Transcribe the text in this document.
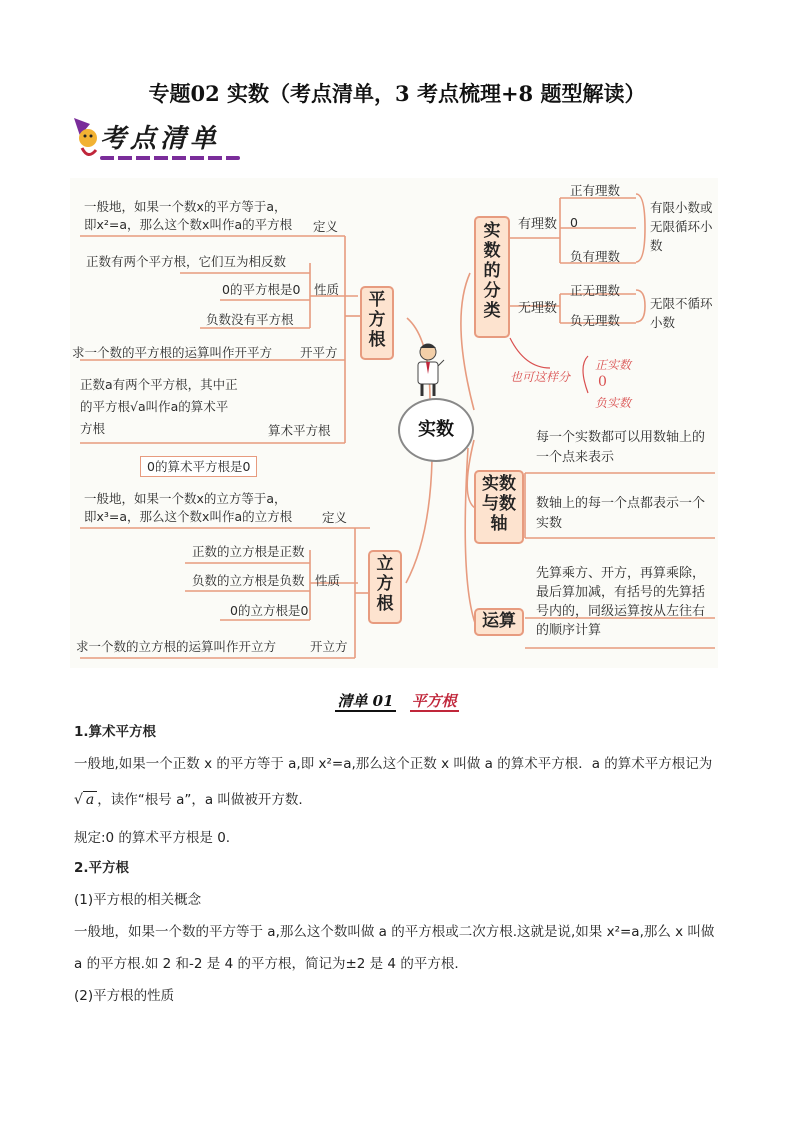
专题02 实数（考点清单，3 考点梳理+8 题型解读）
考点清单
一般地，如果一个数x的平方等于a，
即x²=a，那么这个数x叫作a的平方根 定义
正数有两个平方根，它们互为相反数
0的平方根是0 性质
负数没有平方根
平方根
求一个数的平方根的运算叫作开平方 开平方
正数a有两个平方根，其中正
的平方根√a叫作a的算术平
方根	算术平方根
0的算术平方根是0
一般地，如果一个数x的立方等于a，
即x³=a，那么这个数x叫作a的立方根 定义
正数的立方根是正数
负数的立方根是负数 性质
0的立方根是0
立方根
求一个数的立方根的运算叫作开立方	开立方
实数
实数的分类
有理数
正有理数
0
负有理数
有限小数或无限循环小数
无理数
正无理数
负无理数
无限不循环小数
也可这样分
正实数
0
负实数
每一个实数都可以用数轴上的一个点来表示
实数与数轴
数轴上的每一个点都表示一个实数
先算乘方、开方，再算乘除，最后算加减，有括号的先算括号内的，同级运算按从左往右的顺序计算
运算
清单 01 平方根
1.算术平方根
一般地,如果一个正数 x 的平方等于 a,即 x²=a,那么这个正数 x 叫做 a 的算术平方根．a 的算术平方根记为
√ a ，读作“根号 a”，a 叫做被开方数.
规定:0 的算术平方根是 0.
2.平方根
(1)平方根的相关概念
一般地，如果一个数的平方等于 a,那么这个数叫做 a 的平方根或二次方根.这就是说,如果 x²=a,那么 x 叫做
a 的平方根.如 2 和-2 是 4 的平方根，简记为±2 是 4 的平方根.
(2)平方根的性质
